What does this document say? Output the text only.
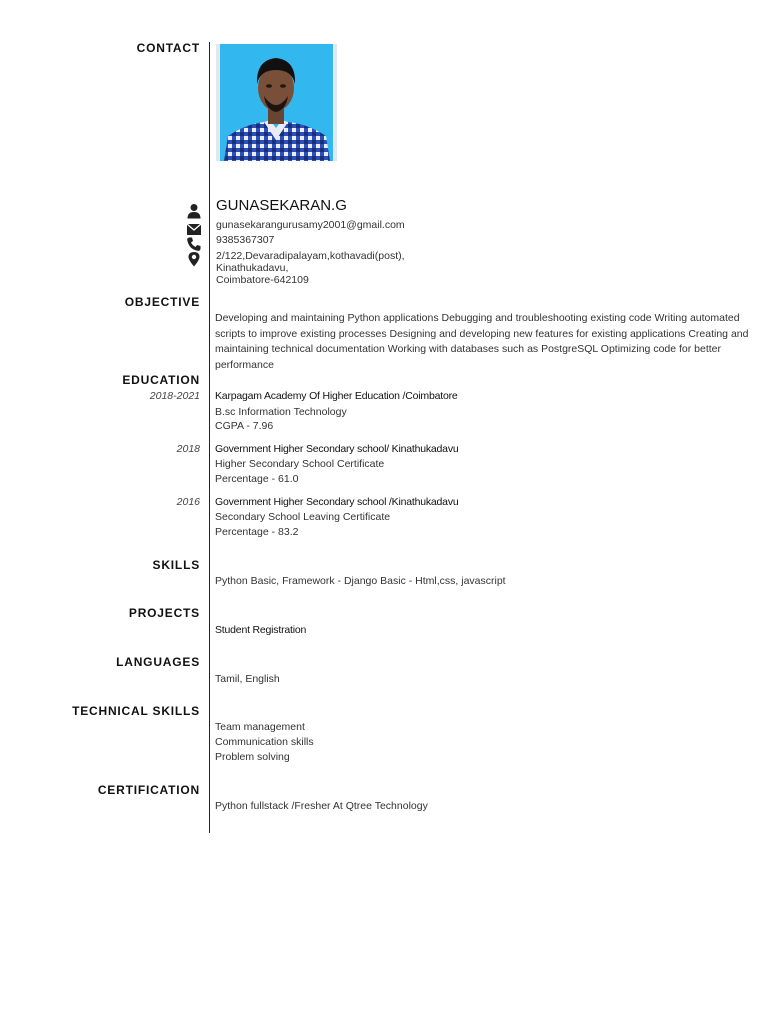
CONTACT
GUNASEKARAN.G
gunasekarangurusamy2001@gmail.com
9385367307
2/122,Devaradipalayam,kothavadi(post),
Kinathukadavu,
Coimbatore-642109
OBJECTIVE
Developing and maintaining Python applications Debugging and troubleshooting existing code Writing automated scripts to improve existing processes Designing and developing new features for existing applications Creating and maintaining technical documentation Working with databases such as PostgreSQL Optimizing code for better performance
EDUCATION
2018-2021 Karpagam Academy Of Higher Education /Coimbatore
B.sc Information Technology
CGPA - 7.96
2018 Government Higher Secondary school/ Kinathukadavu
Higher Secondary School Certificate
Percentage - 61.0
2016 Government Higher Secondary school /Kinathukadavu
Secondary School Leaving Certificate
Percentage - 83.2
SKILLS
Python Basic, Framework - Django Basic - Html,css, javascript
PROJECTS
Student Registration
LANGUAGES
Tamil, English
TECHNICAL SKILLS
Team management
Communication skills
Problem solving
CERTIFICATION
Python fullstack /Fresher At Qtree Technology
